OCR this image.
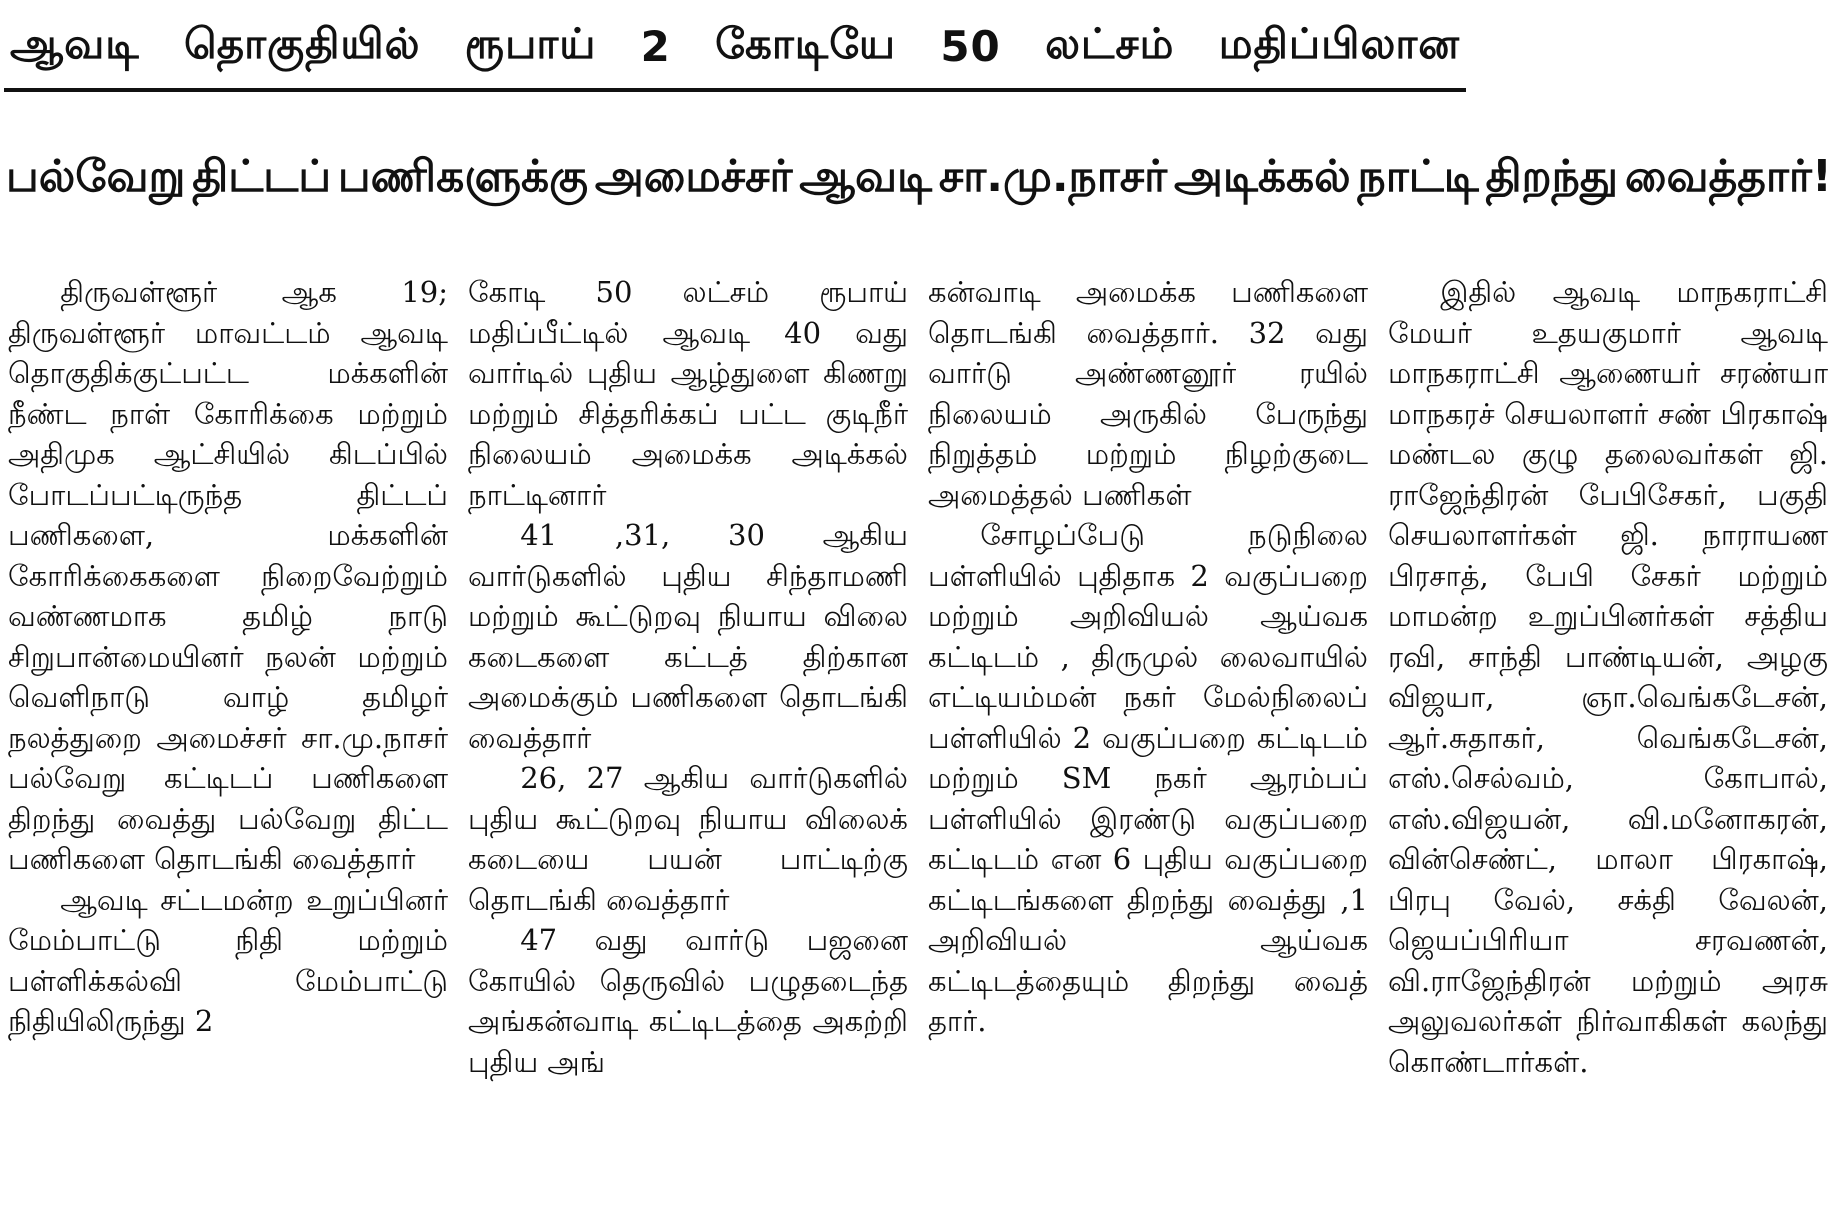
ஆவடி தொகுதியில் ரூபாய் 2 கோடியே 50 லட்சம் மதிப்பிலான
பல்வேறு திட்டப் பணிகளுக்கு அமைச்சர் ஆவடி சா.மு.நாசர் அடிக்கல் நாட்டி திறந்து வைத்தார்!

திருவள்ளூர் ஆக 19; திருவள்ளூர் மாவட்டம் ஆவடி தொகுதிக்குட்பட்ட மக்களின் நீண்ட நாள் கோரிக்கை மற்றும் அதிமுக ஆட்சியில் கிடப்பில் போடப்பட்டிருந்த திட்டப் பணிகளை, மக்களின் கோரிக்கைகளை நிறைவேற்றும் வண்ணமாக தமிழ் நாடு சிறுபான்மையினர் நலன் மற்றும் வெளிநாடு வாழ் தமிழர் நலத்துறை அமைச்சர் சா.மு.நாசர் பல்வேறு கட்டிடப் பணிகளை திறந்து வைத்து பல்வேறு திட்ட பணிகளை தொடங்கி வைத்தார்

ஆவடி சட்டமன்ற உறுப்பினர் மேம்பாட்டு நிதி மற்றும் பள்ளிக்கல்வி மேம்பாட்டு நிதியிலிருந்து 2

கோடி 50 லட்சம் ரூபாய் மதிப்பீட்டில் ஆவடி 40 வது வார்டில் புதிய ஆழ்துளை கிணறு மற்றும் சித்தரிக்கப் பட்ட குடிநீர் நிலையம் அமைக்க அடிக்கல் நாட்டினார்

41 ,31, 30 ஆகிய வார்டுகளில் புதிய சிந்தாமணி மற்றும் கூட்டுறவு நியாய விலை கடைகளை கட்டத் திற்கான அமைக்கும் பணிகளை தொடங்கி வைத்தார்

26, 27 ஆகிய வார்டுகளில் புதிய கூட்டுறவு நியாய விலைக் கடையை பயன் பாட்டிற்கு தொடங்கி வைத்தார்

47 வது வார்டு பஜனை கோயில் தெருவில் பழுதடைந்த அங்கன்வாடி கட்டிடத்தை அகற்றி புதிய அங்

கன்வாடி அமைக்க பணிகளை தொடங்கி வைத்தார். 32 வது வார்டு அண்ணனூர் ரயில் நிலையம் அருகில் பேருந்து நிறுத்தம் மற்றும் நிழற்குடை அமைத்தல் பணிகள்

சோழப்பேடு நடுநிலை பள்ளியில் புதிதாக 2 வகுப்பறை மற்றும் அறிவியல் ஆய்வக கட்டிடம் , திருமுல் லைவாயில் எட்டியம்மன் நகர் மேல்நிலைப் பள்ளியில் 2 வகுப்பறை கட்டிடம் மற்றும் SM நகர் ஆரம்பப் பள்ளியில் இரண்டு வகுப்பறை கட்டிடம் என 6 புதிய வகுப்பறை கட்டிடங்களை திறந்து வைத்து ,1 அறிவியல் ஆய்வக கட்டிடத்தையும் திறந்து வைத் தார்.

இதில் ஆவடி மாநகராட்சி மேயர் உதயகுமார் ஆவடி மாநகராட்சி ஆணையர் சரண்யா மாநகரச் செயலாளர் சண் பிரகாஷ் மண்டல குழு தலைவர்கள் ஜி. ராஜேந்திரன் பேபிசேகர், பகுதி செயலாளர்கள் ஜி. நாராயண பிரசாத், பேபி சேகர் மற்றும் மாமன்ற உறுப்பினர்கள் சத்திய ரவி, சாந்தி பாண்டியன், அழகு விஜயா, ஞா.வெங்கடேசன், ஆர்.சுதாகர், வெங்கடேசன், எஸ்.செல்வம், கோபால், எஸ்.விஜயன், வி.மனோகரன், வின்செண்ட், மாலா பிரகாஷ், பிரபு வேல், சக்தி வேலன், ஜெயப்பிரியா சரவணன், வி.ராஜேந்திரன் மற்றும் அரசு அலுவலர்கள் நிர்வாகிகள் கலந்து கொண்டார்கள்.
